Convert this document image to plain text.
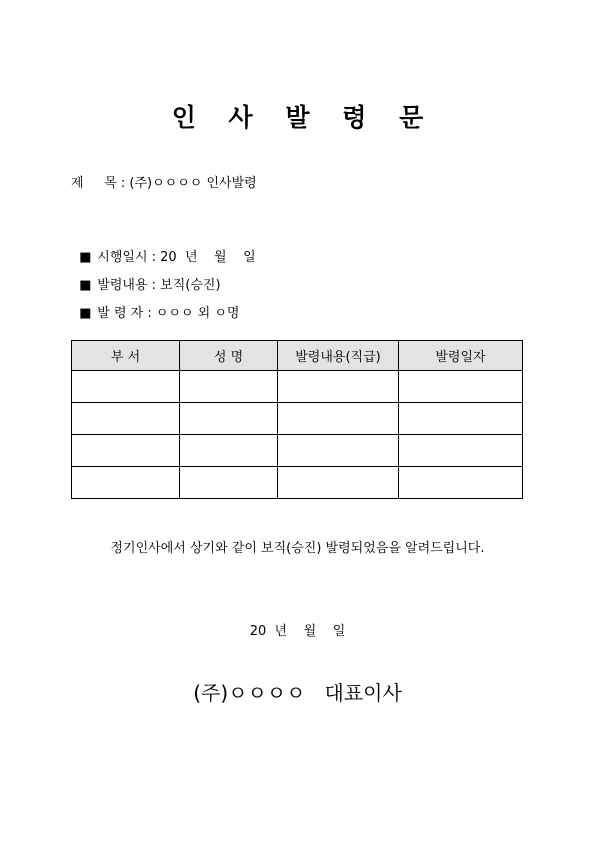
인 사 발 령 문
제     목 : (주)ㅇㅇㅇㅇ 인사발령

■ 시행일시 : 20  년    월    일

■ 발령내용 : 보직(승진)

■ 발 령 자 : ㅇㅇㅇ 외 ㅇ명

부 서	성 명	발령내용(직급)	발령일자

정기인사에서 상기와 같이 보직(승진) 발령되었음을 알려드립니다.
20  년    월    일
(주)ㅇㅇㅇㅇ   대표이사
